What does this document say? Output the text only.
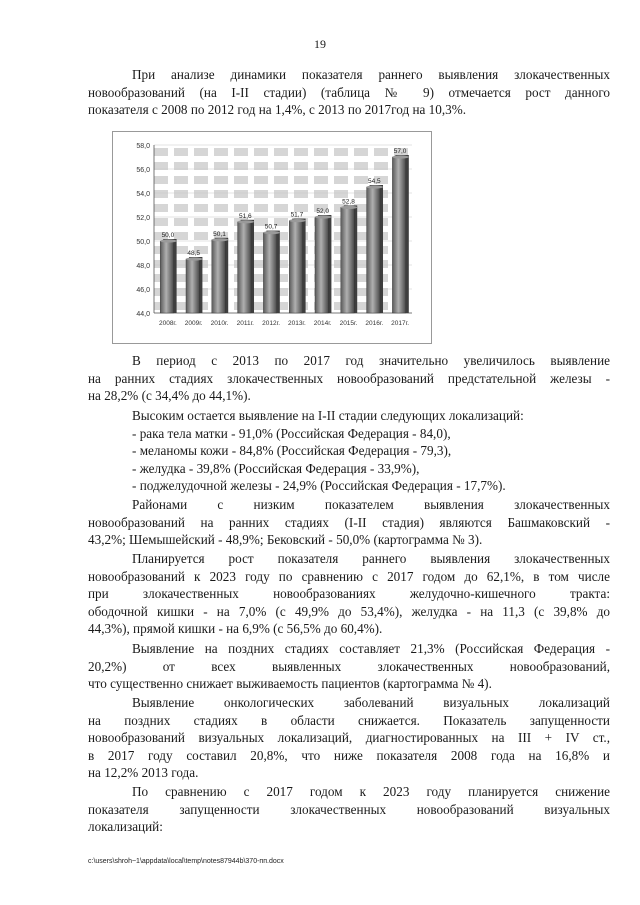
19

При анализе динамики показателя раннего выявления злокачественных
новообразований (на I-II стадии) (таблица № 9) отмечается рост данного
показателя с 2008 по 2012 год на 1,4%, с 2013 по 2017год на 10,3%.

44,0
46,0
48,0
50,0
52,0
54,0
56,0
58,0
50,0
2008г.
48,5
2009г.
50,1
2010г.
51,6
2011г.
50,7
2012г.
51,7
2013г.
52,0
2014г.
52,8
2015г.
54,5
2016г.
57,0
2017г.

В период с 2013 по 2017 год значительно увеличилось выявление
на ранних стадиях злокачественных новообразований предстательной железы -
на 28,2% (с 34,4% до 44,1%).

Высоким остается выявление на I-II стадии следующих локализаций:
- рака тела матки - 91,0% (Российская Федерация - 84,0),
- меланомы кожи - 84,8% (Российская Федерация - 79,3),
- желудка - 39,8% (Российская Федерация - 33,9%),
- поджелудочной железы - 24,9% (Российская Федерация - 17,7%).

Районами с низким показателем выявления злокачественных
новообразований на ранних стадиях (I-II стадия) являются Башмаковский -
43,2%; Шемышейский - 48,9%; Бековский - 50,0% (картограмма № 3).

Планируется рост показателя раннего выявления злокачественных
новообразований к 2023 году по сравнению с 2017 годом до 62,1%, в том числе
при злокачественных новообразованиях желудочно-кишечного тракта:
ободочной кишки - на 7,0% (с 49,9% до 53,4%), желудка - на 11,3 (с 39,8% до
44,3%), прямой кишки - на 6,9% (с 56,5% до 60,4%).

Выявление на поздних стадиях составляет 21,3% (Российская Федерация -
20,2%) от всех выявленных злокачественных новообразований,
что существенно снижает выживаемость пациентов (картограмма № 4).

Выявление онкологических заболеваний визуальных локализаций
на поздних стадиях в области снижается. Показатель запущенности
новообразований визуальных локализаций, диагностированных на III + IV ст.,
в 2017 году составил 20,8%, что ниже показателя 2008 года на 16,8% и
на 12,2% 2013 года.

По сравнению с 2017 годом к 2023 году планируется снижение
показателя запущенности злокачественных новообразований визуальных
локализаций:

c:\users\shroh~1\appdata\local\temp\notes87944b\370-пп.docx
